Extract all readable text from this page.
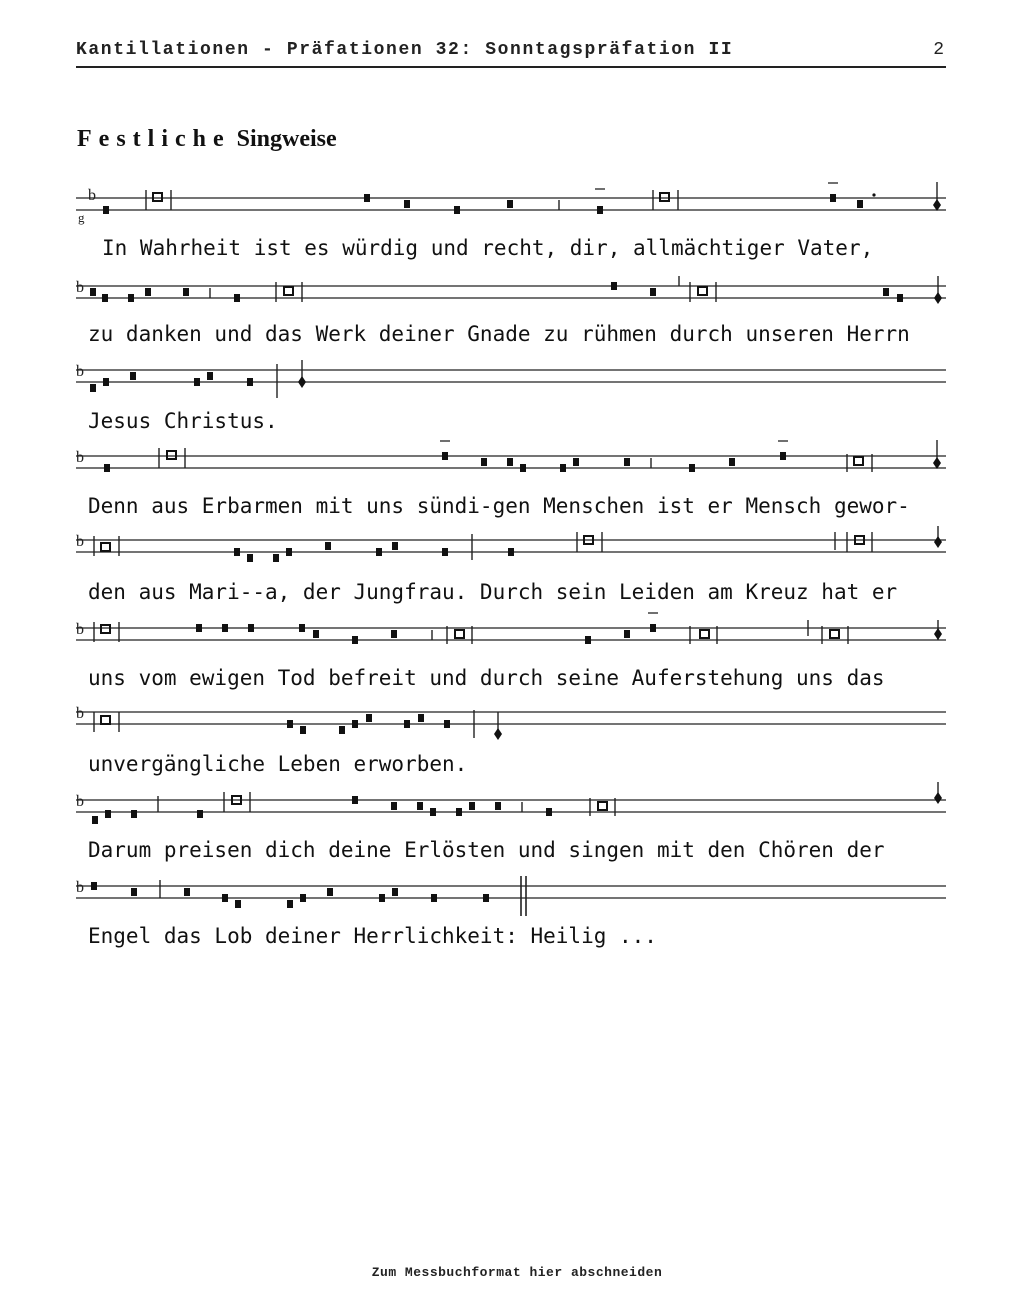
Kantillationen - Präfationen 32: Sonntagspräfation II	2
Festliche Singweise
b
g
In Wahrheit ist es würdig und recht, dir, allmächtiger Vater,
b
zu danken und das Werk deiner Gnade zu rühmen durch unseren Herrn
b
Jesus Christus.
b
Denn aus Erbarmen mit uns sündi-gen Menschen ist er Mensch gewor-
b
den aus Mari--a, der Jungfrau. Durch sein Leiden am Kreuz hat er
b
uns vom ewigen Tod befreit und durch seine Auferstehung uns das
b
unvergängliche Leben erworben.
b
Darum preisen dich deine Erlösten und singen mit den Chören der
b
Engel das Lob deiner Herrlichkeit: Heilig ...
Zum Messbuchformat hier abschneiden
